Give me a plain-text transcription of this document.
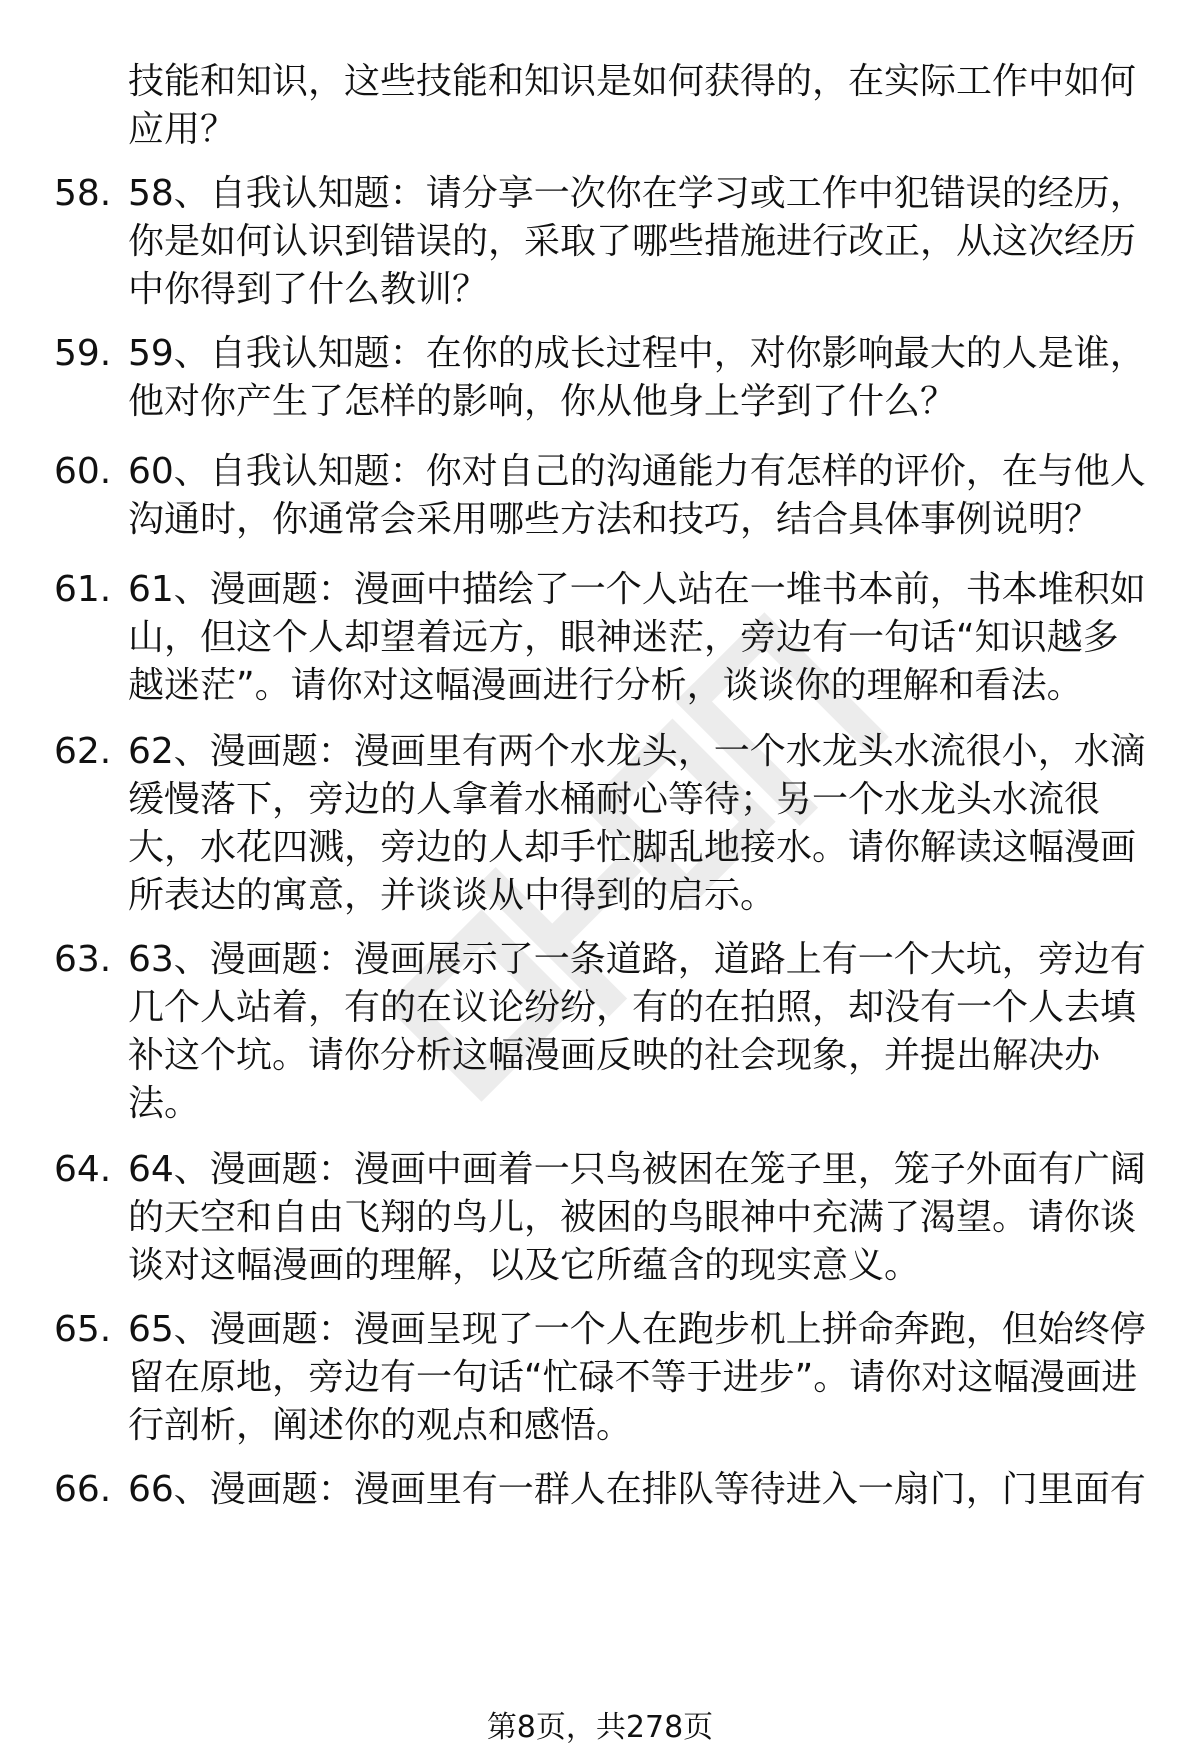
技能和知识，这些技能和知识是如何获得的，在实际工作中如何应用？
58. 58、自我认知题：请分享一次你在学习或工作中犯错误的经历，你是如何认识到错误的，采取了哪些措施进行改正，从这次经历中你得到了什么教训？
59. 59、自我认知题：在你的成长过程中，对你影响最大的人是谁，他对你产生了怎样的影响，你从他身上学到了什么？
60. 60、自我认知题：你对自己的沟通能力有怎样的评价，在与他人沟通时，你通常会采用哪些方法和技巧，结合具体事例说明？
61. 61、漫画题：漫画中描绘了一个人站在一堆书本前，书本堆积如山，但这个人却望着远方，眼神迷茫，旁边有一句话“知识越多越迷茫”。请你对这幅漫画进行分析，谈谈你的理解和看法。
62. 62、漫画题：漫画里有两个水龙头，一个水龙头水流很小，水滴缓慢落下，旁边的人拿着水桶耐心等待；另一个水龙头水流很大，水花四溅，旁边的人却手忙脚乱地接水。请你解读这幅漫画所表达的寓意，并谈谈从中得到的启示。
63. 63、漫画题：漫画展示了一条道路，道路上有一个大坑，旁边有几个人站着，有的在议论纷纷，有的在拍照，却没有一个人去填补这个坑。请你分析这幅漫画反映的社会现象，并提出解决办法。
64. 64、漫画题：漫画中画着一只鸟被困在笼子里，笼子外面有广阔的天空和自由飞翔的鸟儿，被困的鸟眼神中充满了渴望。请你谈谈对这幅漫画的理解，以及它所蕴含的现实意义。
65. 65、漫画题：漫画呈现了一个人在跑步机上拼命奔跑，但始终停留在原地，旁边有一句话“忙碌不等于进步”。请你对这幅漫画进行剖析，阐述你的观点和感悟。
66. 66、漫画题：漫画里有一群人在排队等待进入一扇门，门里面有
第8页，共278页
